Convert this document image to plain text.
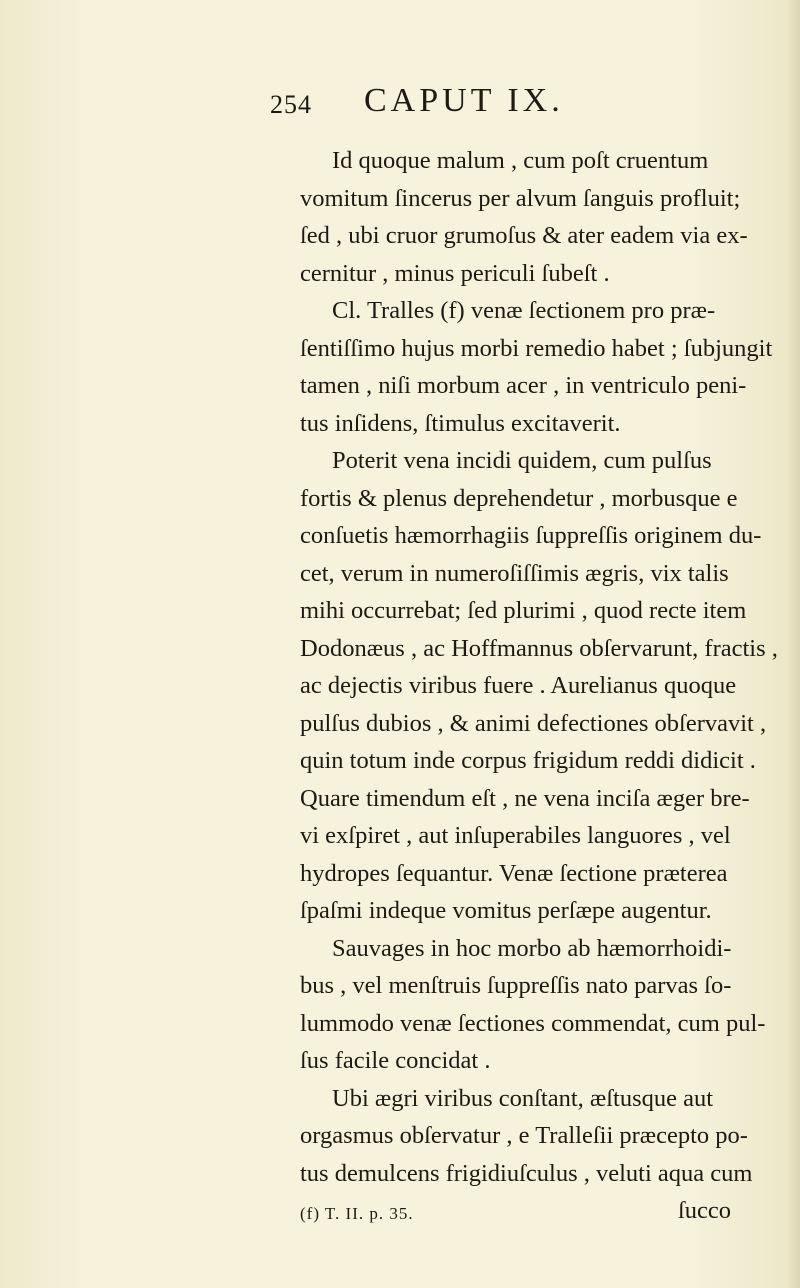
254 CAPUT IX.
Id quoque malum , cum poſt cruentum
vomitum ſincerus per alvum ſanguis profluit;
ſed , ubi cruor grumoſus & ater eadem via ex-
cernitur , minus periculi ſubeſt .
Cl. Tralles (f) venæ ſectionem pro præ-
ſentiſſimo hujus morbi remedio habet ; ſubjungit
tamen , niſi morbum acer , in ventriculo peni-
tus inſidens, ſtimulus excitaverit.
Poterit vena incidi quidem, cum pulſus
fortis & plenus deprehendetur , morbusque e
conſuetis hæmorrhagiis ſuppreſſis originem du-
cet, verum in numeroſiſſimis ægris, vix talis
mihi occurrebat; ſed plurimi , quod recte item
Dodonæus , ac Hoffmannus obſervarunt, fractis ,
ac dejectis viribus fuere . Aurelianus quoque
pulſus dubios , & animi defectiones obſervavit ,
quin totum inde corpus frigidum reddi didicit .
Quare timendum eſt , ne vena inciſa æger bre-
vi exſpiret , aut inſuperabiles languores , vel
hydropes ſequantur. Venæ ſectione præterea
ſpaſmi indeque vomitus perſæpe augentur.
Sauvages in hoc morbo ab hæmorrhoidi-
bus , vel menſtruis ſuppreſſis nato parvas ſo-
lummodo venæ ſectiones commendat, cum pul-
ſus facile concidat .
Ubi ægri viribus conſtant, æſtusque aut
orgasmus obſervatur , e Tralleſii præcepto po-
tus demulcens frigidiuſculus , veluti aqua cum
ſucco
(f) T. II. p. 35.
